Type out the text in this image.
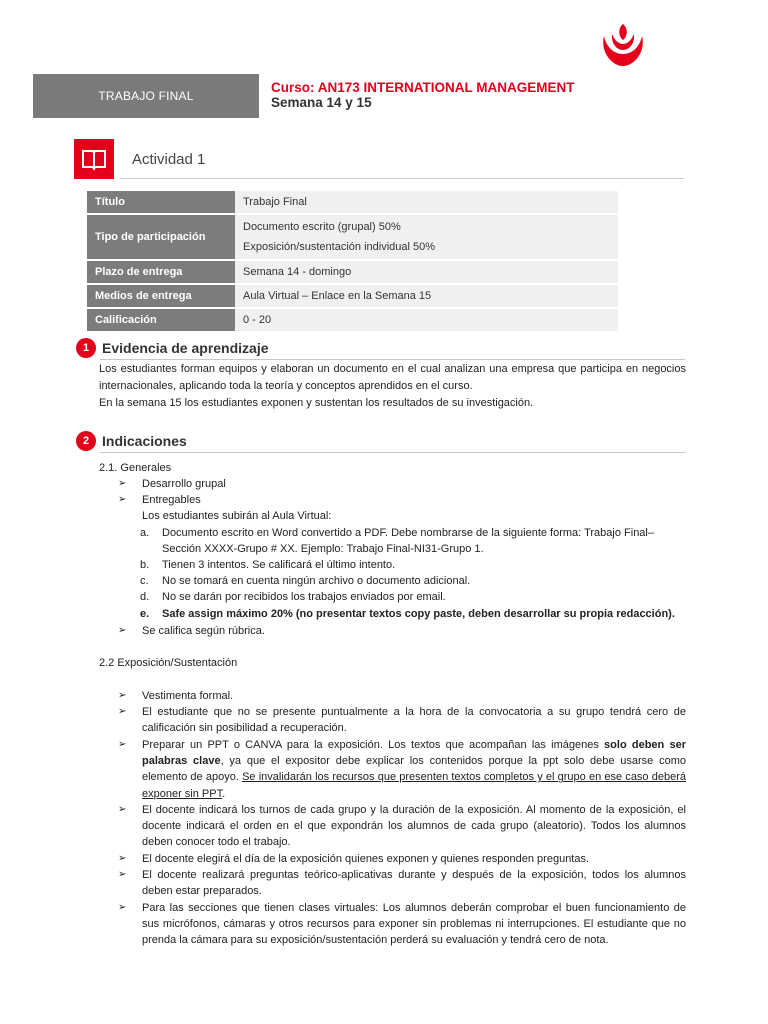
TRABAJO FINAL
Curso: AN173 INTERNATIONAL MANAGEMENT
Semana 14 y 15
Actividad 1
Título	Trabajo Final
Tipo de participación	Documento escrito (grupal) 50%
Exposición/sustentación individual 50%

Plazo de entrega	Semana 14 - domingo
Medios de entrega	Aula Virtual – Enlace en la Semana 15
Calificación	0 - 20
1 Evidencia de aprendizaje
Los estudiantes forman equipos y elaboran un documento en el cual analizan una empresa que participa en negocios internacionales, aplicando toda la teoría y conceptos aprendidos en el curso.
En la semana 15 los estudiantes exponen y sustentan los resultados de su investigación.
2 Indicaciones
2.1. Generales
➢ Desarrollo grupal
➢ Entregables
Los estudiantes subirán al Aula Virtual:
a. Documento escrito en Word convertido a PDF. Debe nombrarse de la siguiente forma: Trabajo Final–Sección XXXX-Grupo # XX. Ejemplo: Trabajo Final-NI31-Grupo 1.
b. Tienen 3 intentos. Se calificará el último intento.
c. No se tomará en cuenta ningún archivo o documento adicional.
d. No se darán por recibidos los trabajos enviados por email.
e. Safe assign máximo 20% (no presentar textos copy paste, deben desarrollar su propia redacción).
➢ Se califica según rúbrica.
2.2 Exposición/Sustentación
➢ Vestimenta formal.
➢ El estudiante que no se presente puntualmente a la hora de la convocatoria a su grupo tendrá cero de calificación sin posibilidad a recuperación.
➢ Preparar un PPT o CANVA para la exposición. Los textos que acompañan las imágenes solo deben ser palabras clave, ya que el expositor debe explicar los contenidos porque la ppt solo debe usarse como elemento de apoyo. Se invalidarán los recursos que presenten textos completos y el grupo en ese caso deberá exponer sin PPT.
➢ El docente indicará los turnos de cada grupo y la duración de la exposición. Al momento de la exposición, el docente indicará el orden en el que expondrán los alumnos de cada grupo (aleatorio). Todos los alumnos deben conocer todo el trabajo.
➢ El docente elegirá el día de la exposición quienes exponen y quienes responden preguntas.
➢ El docente realizará preguntas teórico-aplicativas durante y después de la exposición, todos los alumnos deben estar preparados.
➢ Para las secciones que tienen clases virtuales: Los alumnos deberán comprobar el buen funcionamiento de sus micrófonos, cámaras y otros recursos para exponer sin problemas ni interrupciones. El estudiante que no prenda la cámara para su exposición/sustentación perderá su evaluación y tendrá cero de nota.
